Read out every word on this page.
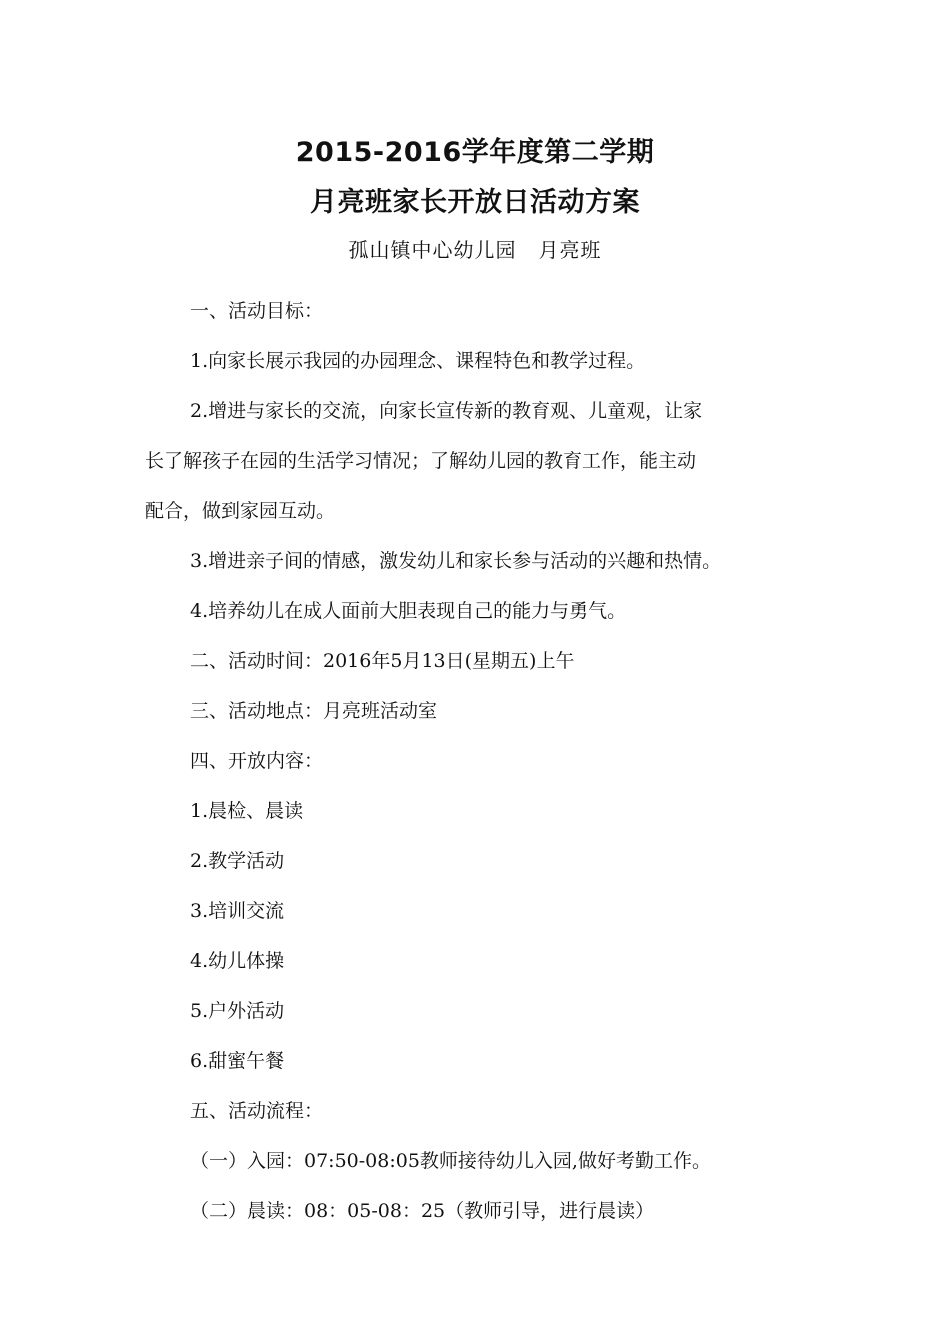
2015-2016学年度第二学期
月亮班家长开放日活动方案
孤山镇中心幼儿园   月亮班

一、活动目标：

1.向家长展示我园的办园理念、课程特色和教学过程。

2.增进与家长的交流，向家长宣传新的教育观、儿童观，让家

长了解孩子在园的生活学习情况；了解幼儿园的教育工作，能主动

配合，做到家园互动。

3.增进亲子间的情感，激发幼儿和家长参与活动的兴趣和热情。

4.培养幼儿在成人面前大胆表现自己的能力与勇气。

二、活动时间：2016年5月13日(星期五)上午

三、活动地点：月亮班活动室

四、开放内容：

1.晨检、晨读

2.教学活动

3.培训交流

4.幼儿体操

5.户外活动

6.甜蜜午餐

五、活动流程：

（一）入园：07:50-08:05教师接待幼儿入园,做好考勤工作。

（二）晨读：08：05-08：25（教师引导，进行晨读）
